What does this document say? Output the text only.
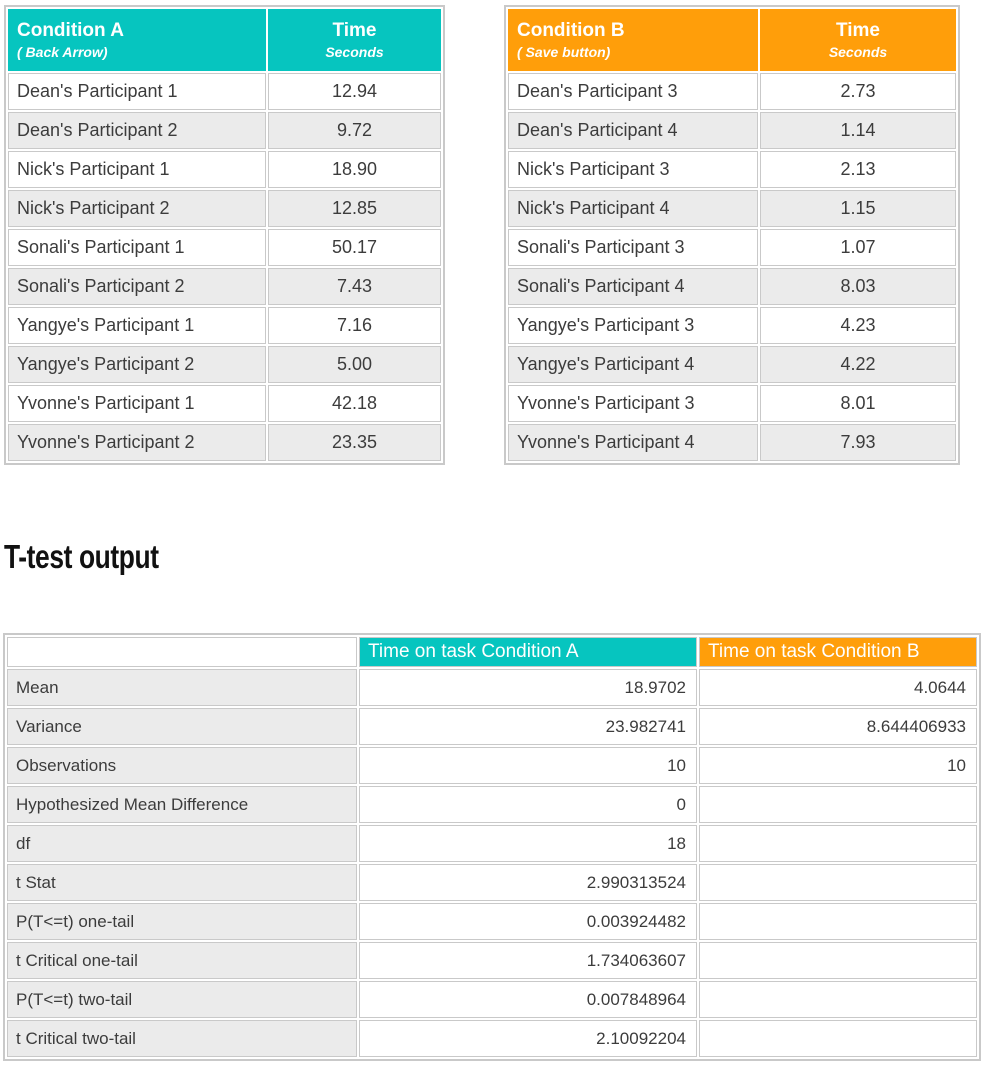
Condition A
( Back Arrow)

Time
Seconds

Dean's Participant 1	12.94
Dean's Participant 2	9.72
Nick's Participant 1	18.90
Nick's Participant 2	12.85
Sonali's Participant 1	50.17
Sonali's Participant 2	7.43
Yangye's Participant 1	7.16
Yangye's Participant 2	5.00
Yvonne's Participant 1	42.18
Yvonne's Participant 2	23.35
Condition B
( Save button)

Time
Seconds

Dean's Participant 3	2.73
Dean's Participant 4	1.14
Nick's Participant 3	2.13
Nick's Participant 4	1.15
Sonali's Participant 3	1.07
Sonali's Participant 4	8.03
Yangye's Participant 3	4.23
Yangye's Participant 4	4.22
Yvonne's Participant 3	8.01
Yvonne's Participant 4	7.93
T-test output
	Time on task Condition A	Time on task Condition B
Mean	18.9702	4.0644
Variance	23.982741	8.644406933
Observations	10	10
Hypothesized Mean Difference	0	
df	18	
t Stat	2.990313524	
P(T<=t) one-tail	0.003924482	
t Critical one-tail	1.734063607	
P(T<=t) two-tail	0.007848964	
t Critical two-tail	2.10092204	
